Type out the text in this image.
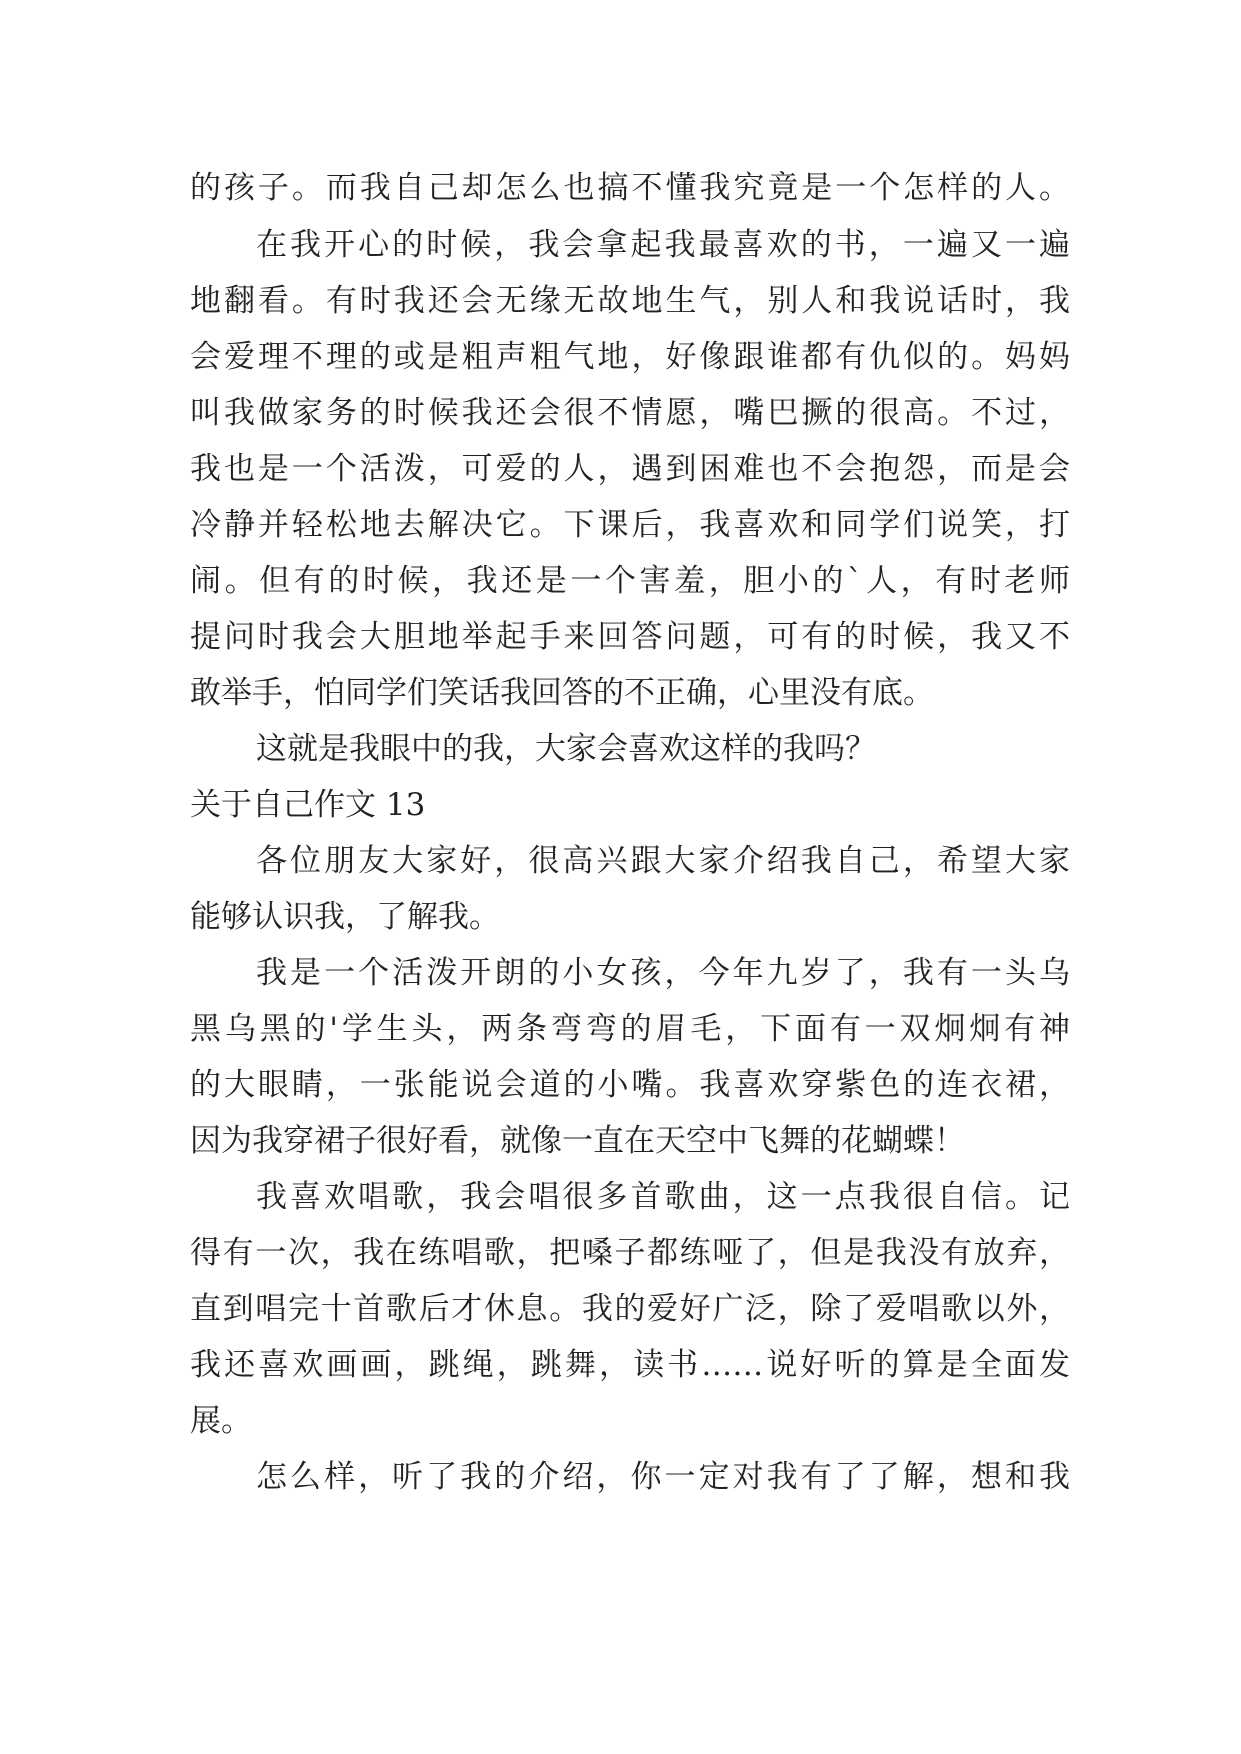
的孩子。而我自己却怎么也搞不懂我究竟是一个怎样的人。
在我开心的时候，我会拿起我最喜欢的书，一遍又一遍
地翻看。有时我还会无缘无故地生气，别人和我说话时，我
会爱理不理的或是粗声粗气地，好像跟谁都有仇似的。妈妈
叫我做家务的时候我还会很不情愿，嘴巴撅的很高。不过，
我也是一个活泼，可爱的人，遇到困难也不会抱怨，而是会
冷静并轻松地去解决它。下课后，我喜欢和同学们说笑，打
闹。但有的时候，我还是一个害羞，胆小的`人，有时老师
提问时我会大胆地举起手来回答问题，可有的时候，我又不
敢举手，怕同学们笑话我回答的不正确，心里没有底。
这就是我眼中的我，大家会喜欢这样的我吗？
关于自己作文 13
各位朋友大家好，很高兴跟大家介绍我自己，希望大家
能够认识我，了解我。
我是一个活泼开朗的小女孩，今年九岁了，我有一头乌
黑乌黑的'学生头，两条弯弯的眉毛，下面有一双炯炯有神
的大眼睛，一张能说会道的小嘴。我喜欢穿紫色的连衣裙，
因为我穿裙子很好看，就像一直在天空中飞舞的花蝴蝶！
我喜欢唱歌，我会唱很多首歌曲，这一点我很自信。记
得有一次，我在练唱歌，把嗓子都练哑了，但是我没有放弃，
直到唱完十首歌后才休息。我的爱好广泛，除了爱唱歌以外，
我还喜欢画画，跳绳，跳舞，读书……说好听的算是全面发
展。
怎么样，听了我的介绍，你一定对我有了了解，想和我
